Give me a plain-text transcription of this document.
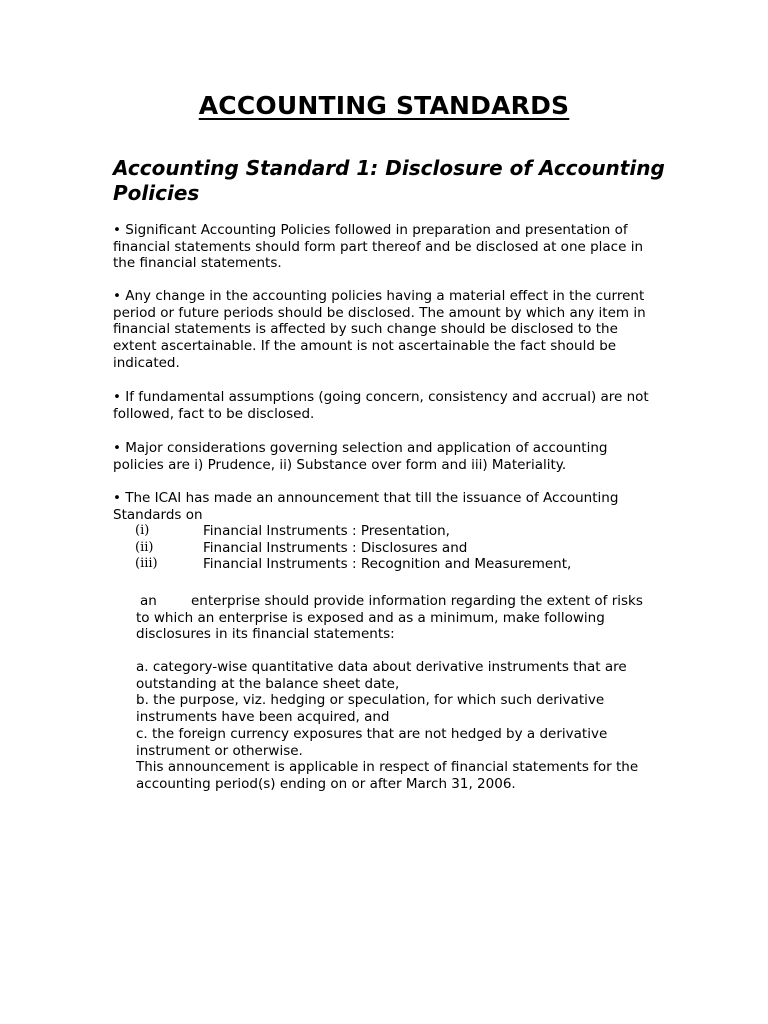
ACCOUNTING STANDARDS
Accounting Standard 1: Disclosure of Accounting Policies

• Significant Accounting Policies followed in preparation and presentation of financial statements should form part thereof and be disclosed at one place in the financial statements.

• Any change in the accounting policies having a material effect in the current period or future periods should be disclosed. The amount by which any item in financial statements is affected by such change should be disclosed to the extent ascertainable. If the amount is not ascertainable the fact should be indicated.

• If fundamental assumptions (going concern, consistency and accrual) are not followed, fact to be disclosed.

• Major considerations governing selection and application of accounting policies are i) Prudence, ii) Substance over form and iii) Materiality.

• The ICAI has made an announcement that till the issuance of Accounting Standards on

(i)	Financial Instruments : Presentation,
(ii)	Financial Instruments : Disclosures and
(iii)	Financial Instruments : Recognition and Measurement,

an	enterprise should provide information regarding the extent of risks to which an enterprise is exposed and as a minimum, make following disclosures in its financial statements:

a. category-wise quantitative data about derivative instruments that are outstanding at the balance sheet date,
b. the purpose, viz. hedging or speculation, for which such derivative instruments have been acquired, and
c. the foreign currency exposures that are not hedged by a derivative instrument or otherwise.
This announcement is applicable in respect of financial statements for the accounting period(s) ending on or after March 31, 2006.
